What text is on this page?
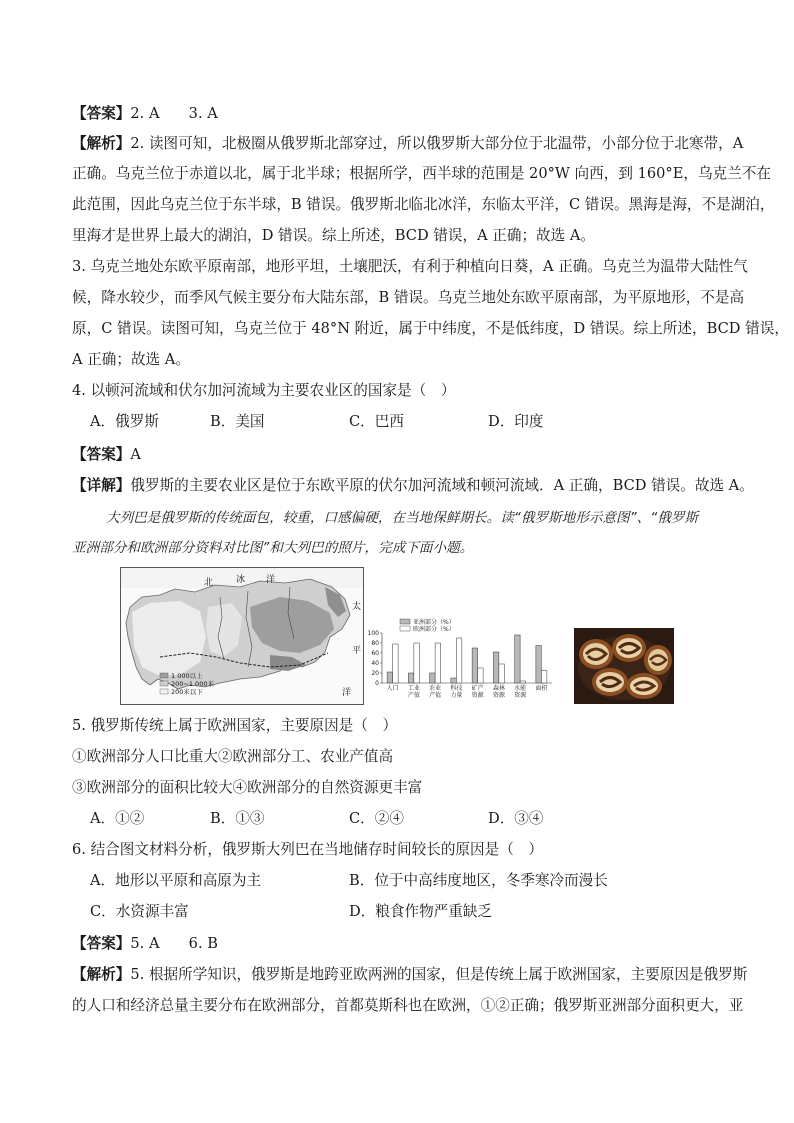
【答案】2. A　　3. A
【解析】2. 读图可知，北极圈从俄罗斯北部穿过，所以俄罗斯大部分位于北温带，小部分位于北寒带，A
正确。乌克兰位于赤道以北，属于北半球；根据所学，西半球的范围是 20°W 向西，到 160°E，乌克兰不在
此范围，因此乌克兰位于东半球，B 错误。俄罗斯北临北冰洋，东临太平洋，C 错误。黑海是海，不是湖泊，
里海才是世界上最大的湖泊，D 错误。综上所述，BCD 错误，A 正确；故选 A。
3. 乌克兰地处东欧平原南部，地形平坦，土壤肥沃，有利于种植向日葵，A 正确。乌克兰为温带大陆性气
候，降水较少，而季风气候主要分布大陆东部，B 错误。乌克兰地处东欧平原南部，为平原地形，不是高
原，C 错误。读图可知，乌克兰位于 48°N 附近，属于中纬度，不是低纬度，D 错误。综上所述，BCD 错误，
A 正确；故选 A。
4. 以顿河流域和伏尔加河流域为主要农业区的国家是（　）
A．俄罗斯	B．美国	C．巴西	D．印度
【答案】A
【详解】俄罗斯的主要农业区是位于东欧平原的伏尔加河流域和顿河流域．A 正确，BCD 错误。故选 A。
大列巴是俄罗斯的传统面包，较重，口感偏硬，在当地保鲜期长。读“俄罗斯地形示意图”、“俄罗斯
亚洲部分和欧洲部分资料对比图”和大列巴的照片，完成下面小题。
北	冰 洋
太
平
洋
1 000以上
200~1 000米
200米以下
亚洲部分（%）
欧洲部分（%）
0
20
40
60
80
100
人口 工业
产值
农业
产值
科技
力量
矿产
资源
森林
资源
水能
资源
面积
5. 俄罗斯传统上属于欧洲国家，主要原因是（　）
①欧洲部分人口比重大②欧洲部分工、农业产值高
③欧洲部分的面积比较大④欧洲部分的自然资源更丰富
A．①②	B．①③	C．②④	D．③④
6. 结合图文材料分析，俄罗斯大列巴在当地储存时间较长的原因是（　）
A．地形以平原和高原为主	B．位于中高纬度地区，冬季寒冷而漫长
C．水资源丰富	D．粮食作物严重缺乏
【答案】5. A　　6. B
【解析】5. 根据所学知识，俄罗斯是地跨亚欧两洲的国家，但是传统上属于欧洲国家，主要原因是俄罗斯
的人口和经济总量主要分布在欧洲部分，首都莫斯科也在欧洲，①②正确；俄罗斯亚洲部分面积更大，亚
